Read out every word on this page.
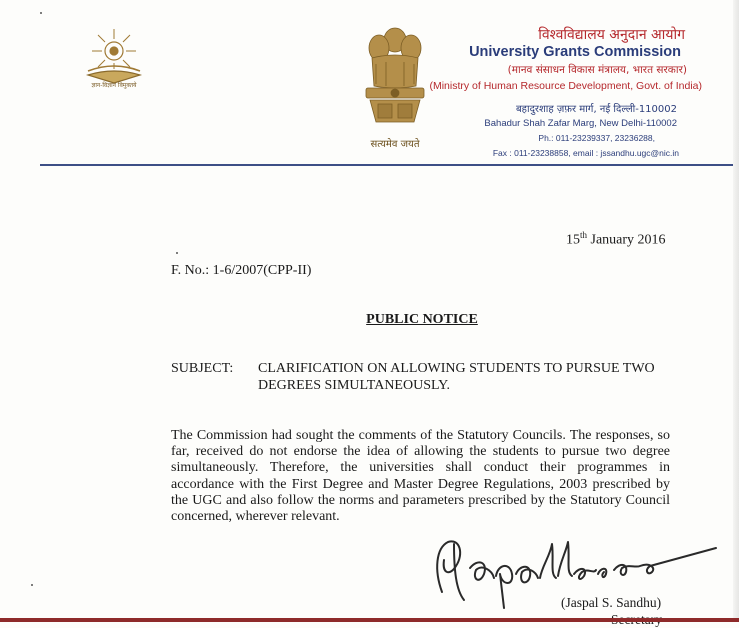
ज्ञान-विज्ञान विमुक्तये
सत्यमेव जयते
विश्वविद्यालय अनुदान आयोग
University Grants Commission
(मानव संसाधन विकास मंत्रालय, भारत सरकार)
(Ministry of Human Resource Development, Govt. of India)
बहादुरशाह ज़फ़र मार्ग, नई दिल्ली-110002
Bahadur Shah Zafar Marg, New Delhi-110002
Ph.: 011-23239337, 23236288,
Fax : 011-23238858, email : jssandhu.ugc@nic.in
15th January 2016
F. No.: 1-6/2007(CPP-II)
PUBLIC NOTICE
SUBJECT: CLARIFICATION ON ALLOWING STUDENTS TO PURSUE TWO DEGREES SIMULTANEOUSLY.
The Commission had sought the comments of the Statutory Councils. The responses, so far, received do not endorse the idea of allowing the students to pursue two degree simultaneously. Therefore, the universities shall conduct their programmes in accordance with the First Degree and Master Degree Regulations, 2003 prescribed by the UGC and also follow the norms and parameters prescribed by the Statutory Council concerned, wherever relevant.
(Jaspal S. Sandhu)
